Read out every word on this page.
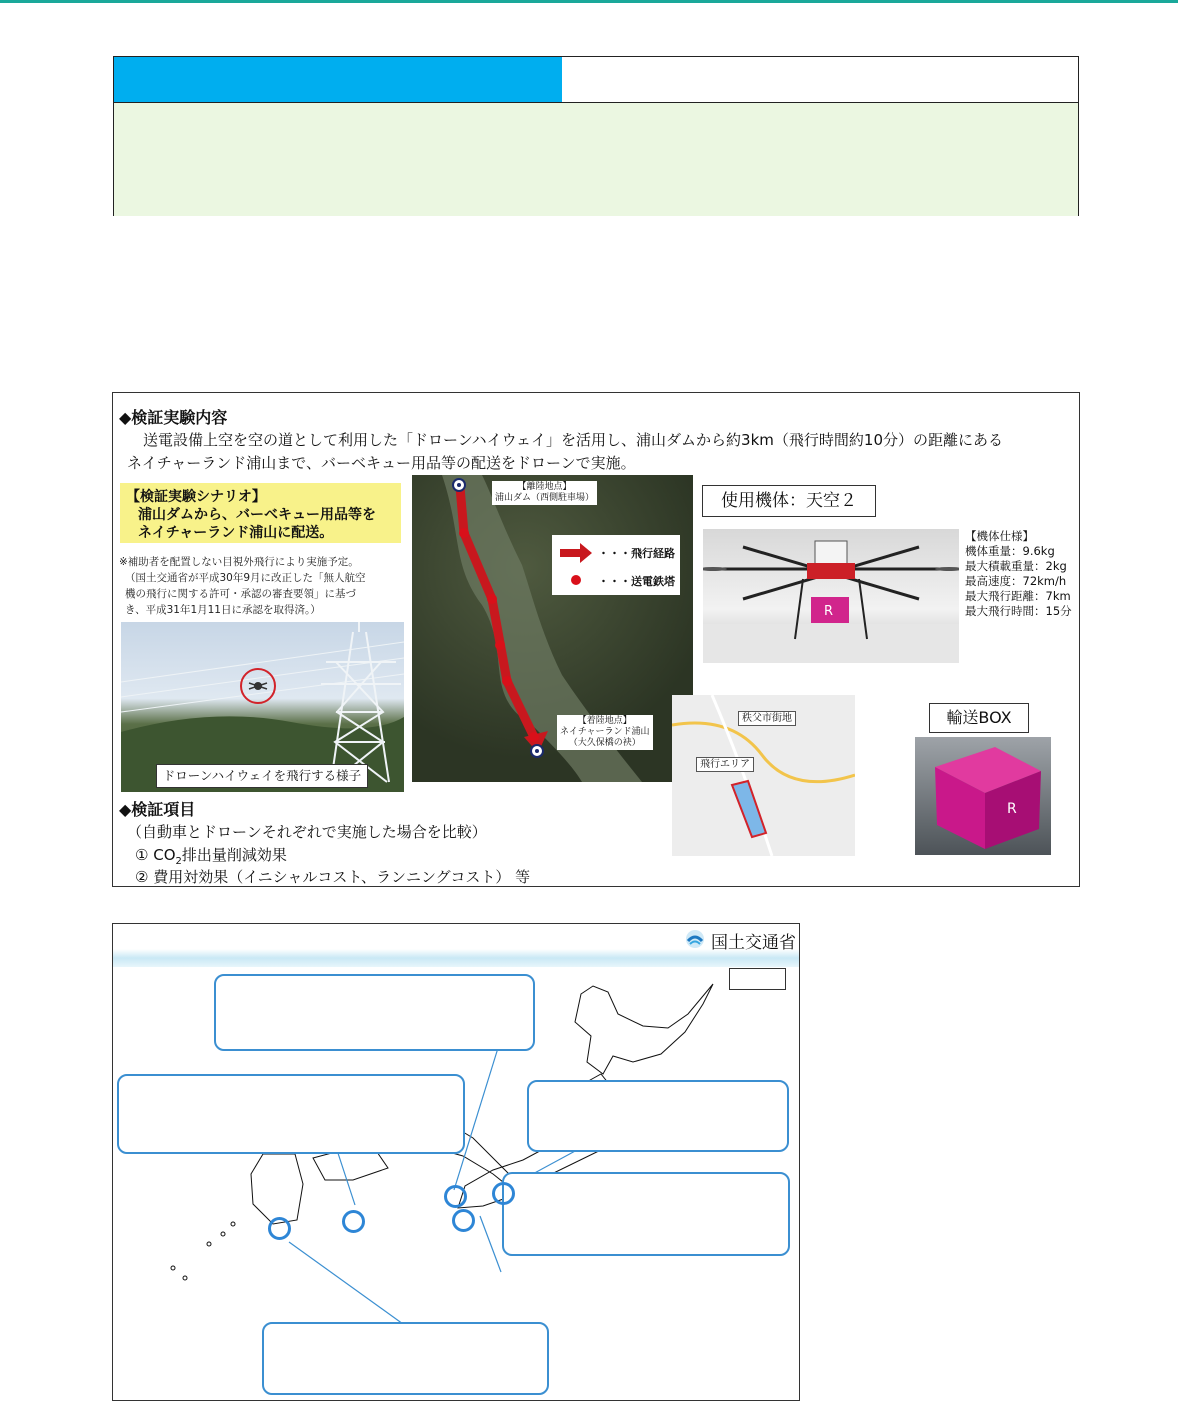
◆検証実験内容
送電設備上空を空の道として利用した「ドローンハイウェイ」を活用し、浦山ダムから約3km（飛行時間約10分）の距離にある
ネイチャーランド浦山まで、バーベキュー用品等の配送をドローンで実施。
【検証実験シナリオ】
浦山ダムから、バーベキュー用品等を
ネイチャーランド浦山に配送。
※補助者を配置しない目視外飛行により実施予定。
（国土交通省が平成30年9月に改正した「無人航空
機の飛行に関する許可・承認の審査要領」に基づ
き、平成31年1月11日に承認を取得済。）
ドローンハイウェイを飛行する様子
【離陸地点】
浦山ダム（西側駐車場）
・・・飛行経路
・・・送電鉄塔
【着陸地点】
ネイチャーランド浦山
（大久保橋の袂）
使用機体：天空２
R
【機体仕様】
機体重量：9.6kg
最大積載重量：2kg
最高速度：72km/h
最大飛行距離：7km
最大飛行時間：15分
秩父市街地
飛行エリア
輸送BOX
R
◆検証項目
（自動車とドローンそれぞれで実施した場合を比較）
① $CO_2$排出量削減効果
② 費用対効果（イニシャルコスト、ランニングコスト） 等
国土交通省
